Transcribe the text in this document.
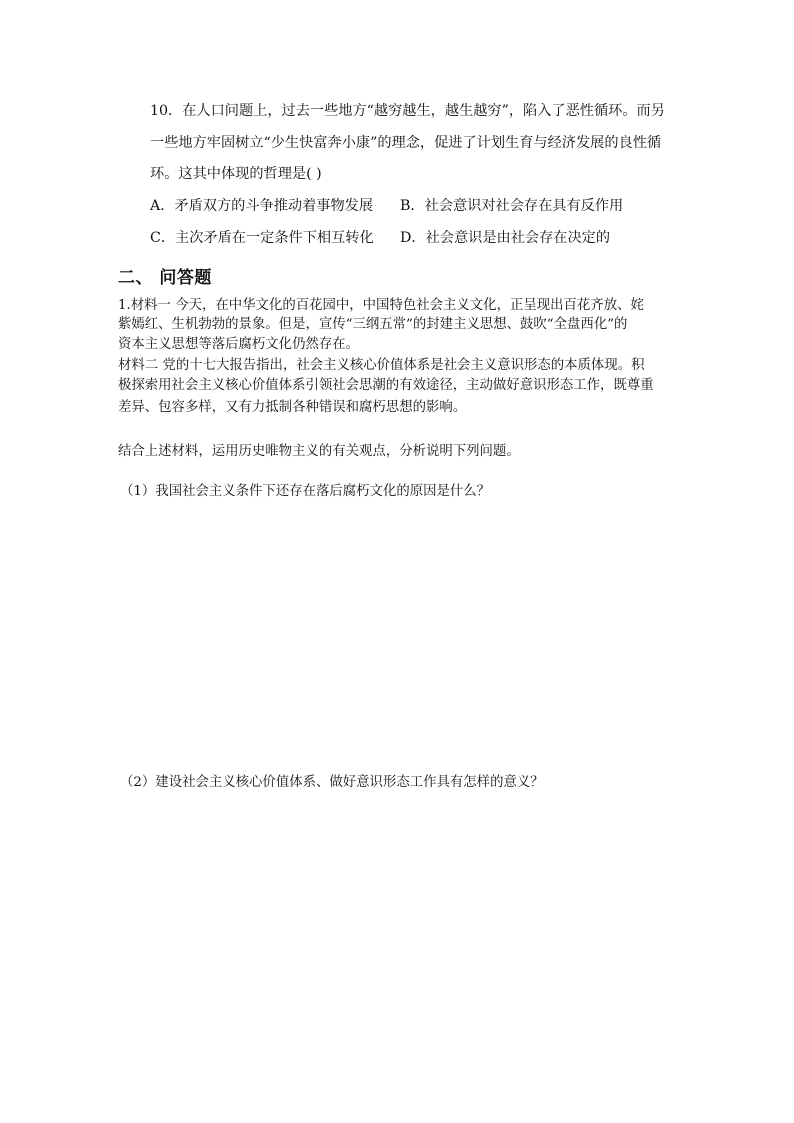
10．在人口问题上，过去一些地方“越穷越生，越生越穷”，陷入了恶性循环。而另
一些地方牢固树立“少生快富奔小康”的理念，促进了计划生育与经济发展的良性循
环。这其中体现的哲理是( )
A．矛盾双方的斗争推动着事物发展 B．社会意识对社会存在具有反作用
C．主次矛盾在一定条件下相互转化 D．社会意识是由社会存在决定的
二、 问答题
1.材料一 今天，在中华文化的百花园中，中国特色社会主义文化，正呈现出百花齐放、姹
紫嫣红、生机勃勃的景象。但是，宣传“三纲五常”的封建主义思想、鼓吹“全盘西化”的
资本主义思想等落后腐朽文化仍然存在。
材料二 党的十七大报告指出，社会主义核心价值体系是社会主义意识形态的本质体现。积
极探索用社会主义核心价值体系引领社会思潮的有效途径，主动做好意识形态工作，既尊重
差异、包容多样，又有力抵制各种错误和腐朽思想的影响。
结合上述材料，运用历史唯物主义的有关观点，分析说明下列问题。
（1）我国社会主义条件下还存在落后腐朽文化的原因是什么？
（2）建设社会主义核心价值体系、做好意识形态工作具有怎样的意义？
